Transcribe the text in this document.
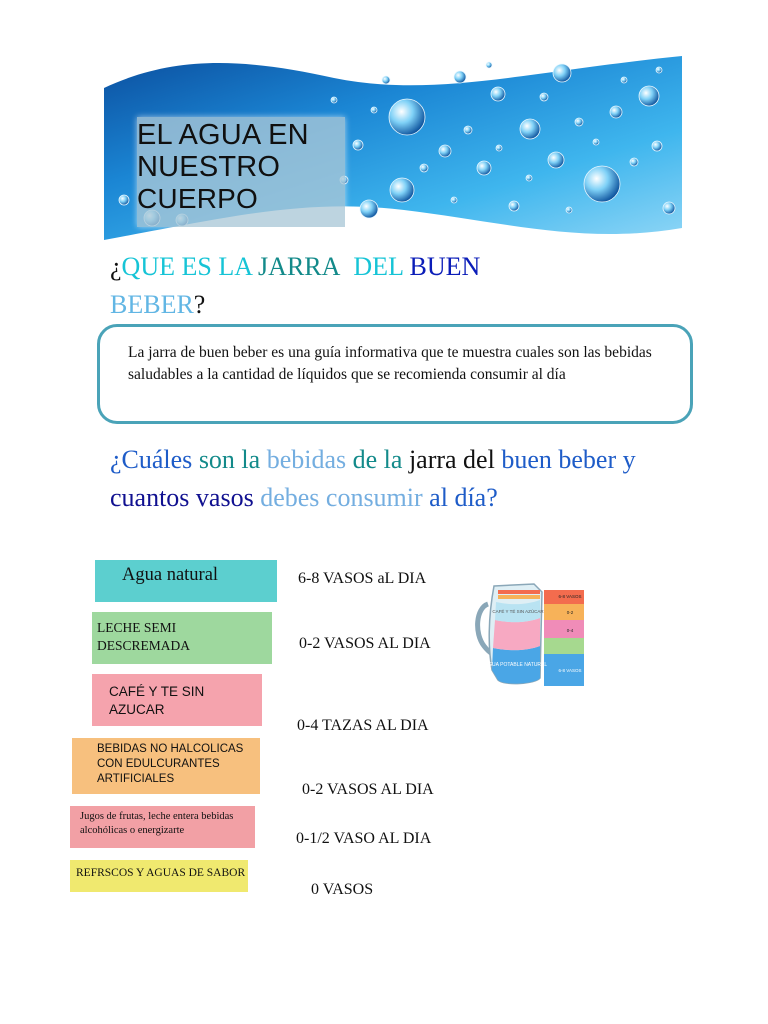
EL AGUA EN
NUESTRO
CUERPO
¿QUE ES LA JARRA DEL BUEN
BEBER?
La jarra de buen beber es una guía informativa que te muestra cuales son las bebidas saludables a la cantidad de líquidos que se recomienda consumir al día
¿Cuáles son la bebidas de la jarra del buen beber y cuantos vasos debes consumir al día?
Agua natural
LECHE SEMI DESCREMADA
CAFÉ Y TE SIN AZUCAR
BEBIDAS NO HALCOLICAS CON EDULCURANTES ARTIFICIALES
Jugos de frutas, leche entera bebidas alcohólicas o energizarte
REFRSCOS Y AGUAS DE SABOR
6-8 VASOS aL DIA
0-2 VASOS AL DIA
0-4 TAZAS AL DIA
0-2 VASOS AL DIA
0-1/2 VASO AL DIA
0 VASOS
CAFÉ Y TÉ SIN AZÚCAR
AGUA POTABLE NATURAL
6-8 VASOS
0-2
0-4
6-8 VASOS
